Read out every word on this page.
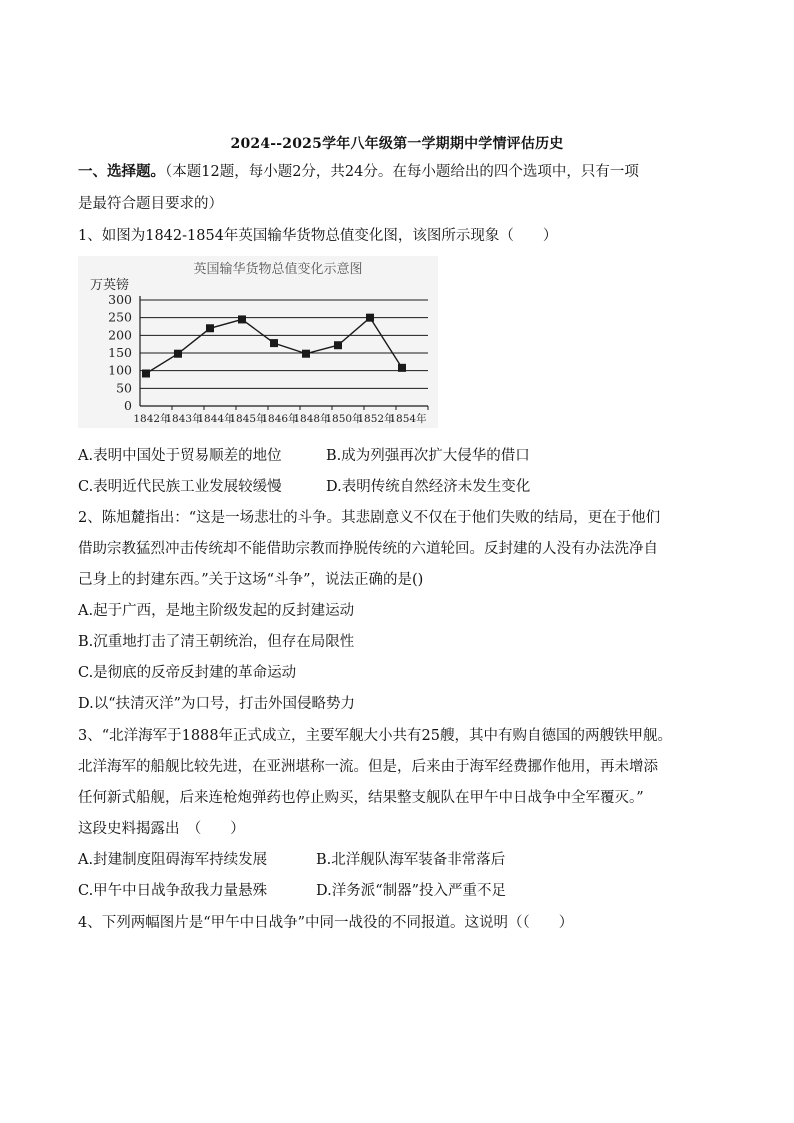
2024--2025学年八年级第一学期期中学情评估历史
一、选择题。（本题12题，每小题2分，共24分。在每小题给出的四个选项中，只有一项
是最符合题目要求的）
1、如图为1842-1854年英国输华货物总值变化图，该图所示现象（　　）
英国输华货物总值变化示意图
万英镑
0
50
100
150
200
250
300
1842年
1843年
1844年
1845年
1846年
1848年
1850年
1852年
1854年
A.表明中国处于贸易顺差的地位	B.成为列强再次扩大侵华的借口
C.表明近代民族工业发展较缓慢	D.表明传统自然经济未发生变化
2、陈旭麓指出：“这是一场悲壮的斗争。其悲剧意义不仅在于他们失败的结局，更在于他们
借助宗教猛烈冲击传统却不能借助宗教而挣脱传统的六道轮回。反封建的人没有办法洗净自
己身上的封建东西。”关于这场“斗争”，说法正确的是()
A.起于广西，是地主阶级发起的反封建运动
B.沉重地打击了清王朝统治，但存在局限性
C.是彻底的反帝反封建的革命运动
D.以“扶清灭洋”为口号，打击外国侵略势力
3、“北洋海军于1888年正式成立，主要军舰大小共有25艘，其中有购自德国的两艘铁甲舰。
北洋海军的船舰比较先进，在亚洲堪称一流。但是，后来由于海军经费挪作他用，再未增添
任何新式船舰，后来连枪炮弹药也停止购买，结果整支舰队在甲午中日战争中全军覆灭。”
这段史料揭露出　（　　）
A.封建制度阻碍海军持续发展	B.北洋舰队海军装备非常落后
C.甲午中日战争敌我力量悬殊	D.洋务派“制器”投入严重不足
4、下列两幅图片是“甲午中日战争”中同一战役的不同报道。这说明（（　　）
